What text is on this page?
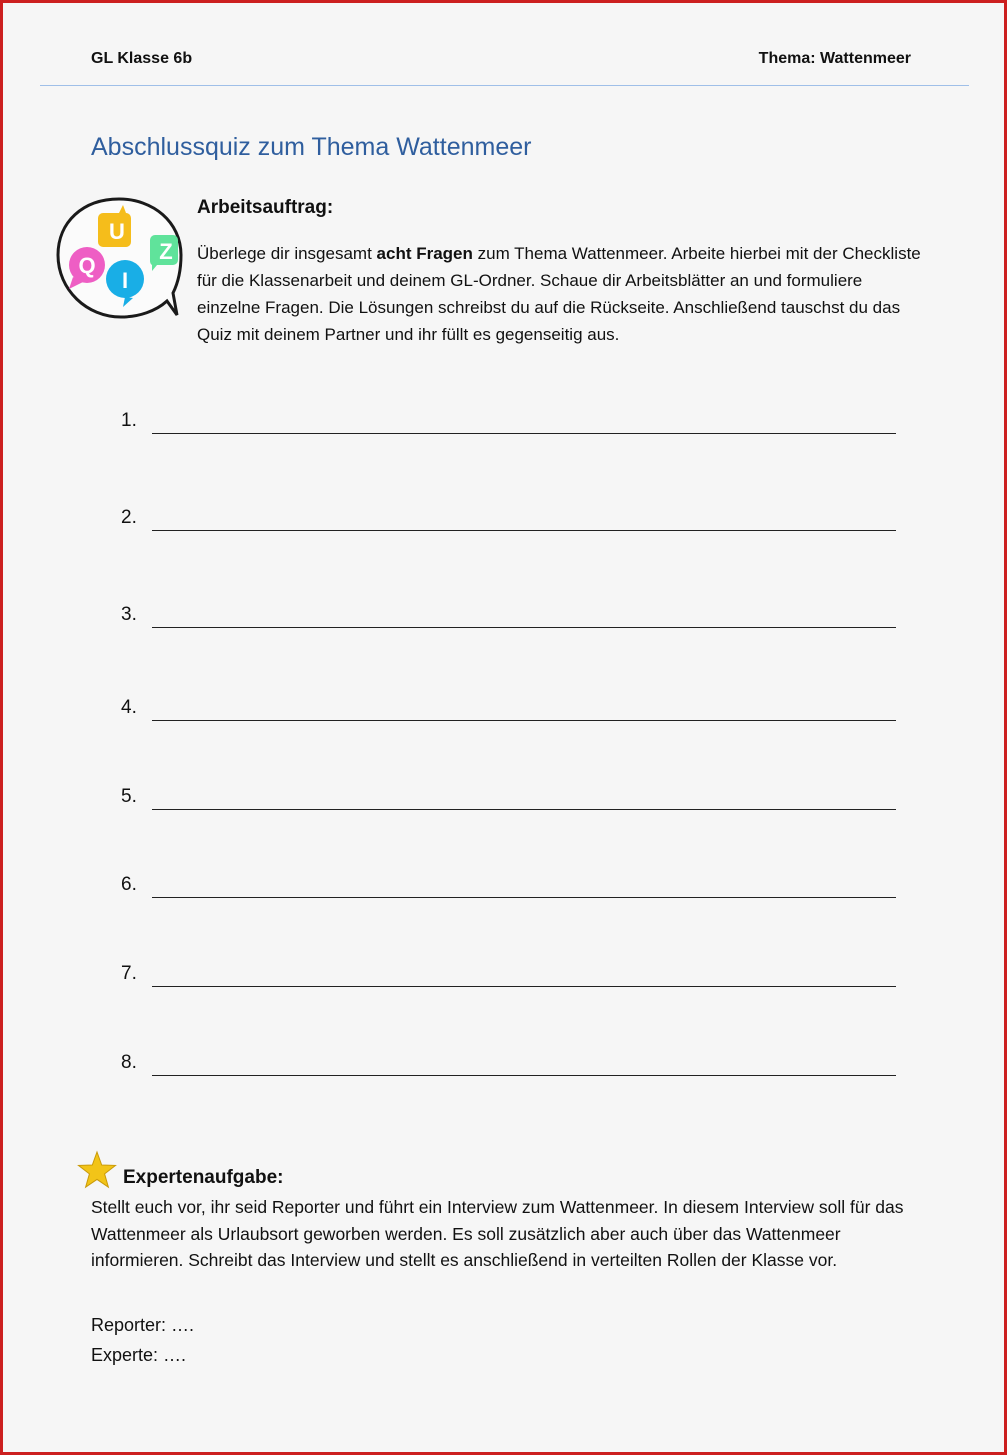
GL Klasse 6b	Thema: Wattenmeer
Abschlussquiz zum Thema Wattenmeer
Q
U
I
Z
Arbeitsauftrag:
Überlege dir insgesamt acht Fragen zum Thema Wattenmeer. Arbeite hierbei mit der Checkliste für die Klassenarbeit und deinem GL-Ordner. Schaue dir Arbeitsblätter an und formuliere einzelne Fragen. Die Lösungen schreibst du auf die Rückseite. Anschließend tauschst du das Quiz mit deinem Partner und ihr füllt es gegenseitig aus.
1.
2.
3.
4.
5.
6.
7.
8.
Expertenaufgabe:
Stellt euch vor, ihr seid Reporter und führt ein Interview zum Wattenmeer. In diesem Interview soll für das Wattenmeer als Urlaubsort geworben werden. Es soll zusätzlich aber auch über das Wattenmeer informieren. Schreibt das Interview und stellt es anschließend in verteilten Rollen der Klasse vor.
Reporter: ….
Experte: ….
